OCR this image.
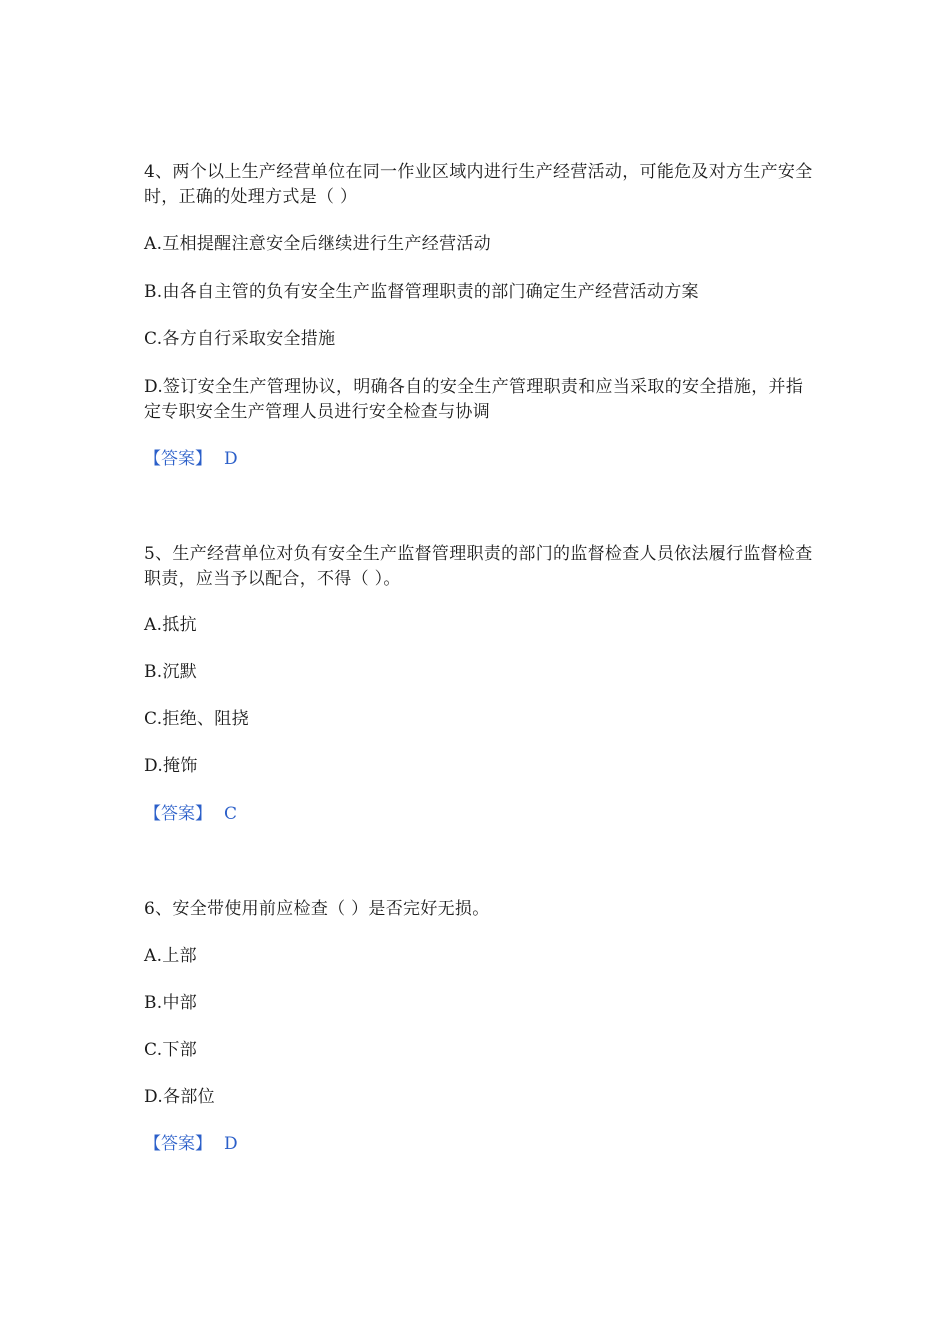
4、两个以上生产经营单位在同一作业区域内进行生产经营活动，可能危及对方生产安全时，正确的处理方式是（ ）

A.互相提醒注意安全后继续进行生产经营活动

B.由各自主管的负有安全生产监督管理职责的部门确定生产经营活动方案

C.各方自行采取安全措施

D.签订安全生产管理协议，明确各自的安全生产管理职责和应当采取的安全措施，并指定专职安全生产管理人员进行安全检查与协调

【答案】 D

5、生产经营单位对负有安全生产监督管理职责的部门的监督检查人员依法履行监督检查职责，应当予以配合，不得（ ）。

A.抵抗

B.沉默

C.拒绝、阻挠

D.掩饰

【答案】 C

6、安全带使用前应检查（ ）是否完好无损。

A.上部

B.中部

C.下部

D.各部位

【答案】 D
